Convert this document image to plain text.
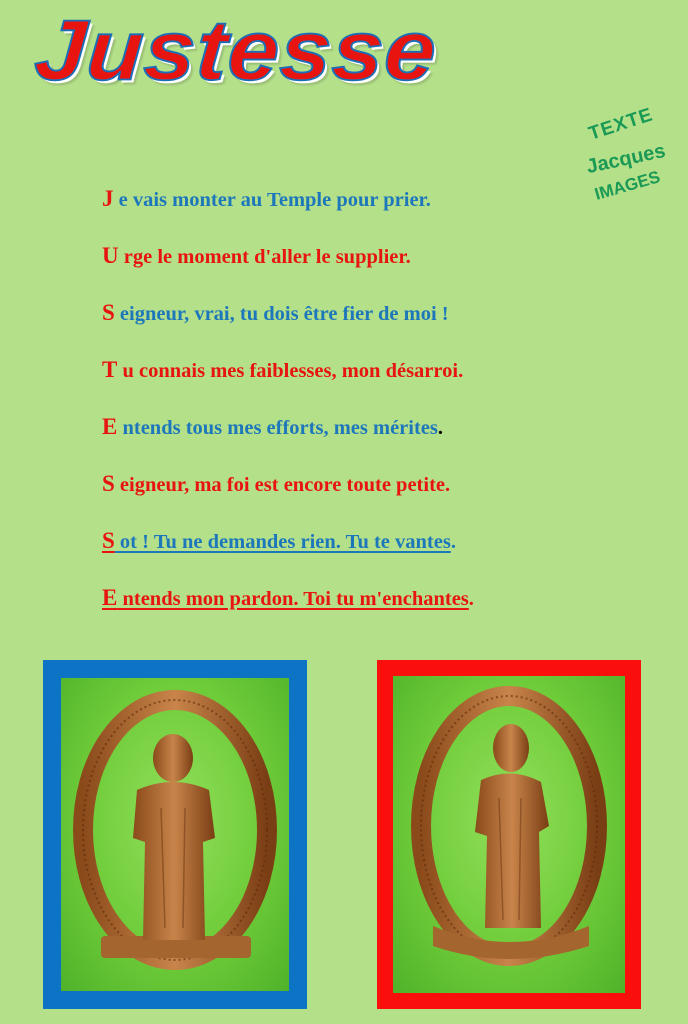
Justesse
TEXTE
Jacques
IMAGES
J e vais monter au Temple pour prier.
U rge le moment d'aller le supplier.
S eigneur, vrai, tu dois être fier de moi !
T u connais mes faiblesses, mon désarroi.
E ntends tous mes efforts, mes mérites.
S eigneur, ma foi est encore toute petite.
S ot ! Tu ne demandes rien. Tu te vantes.
E ntends mon pardon. Toi tu m'enchantes.
